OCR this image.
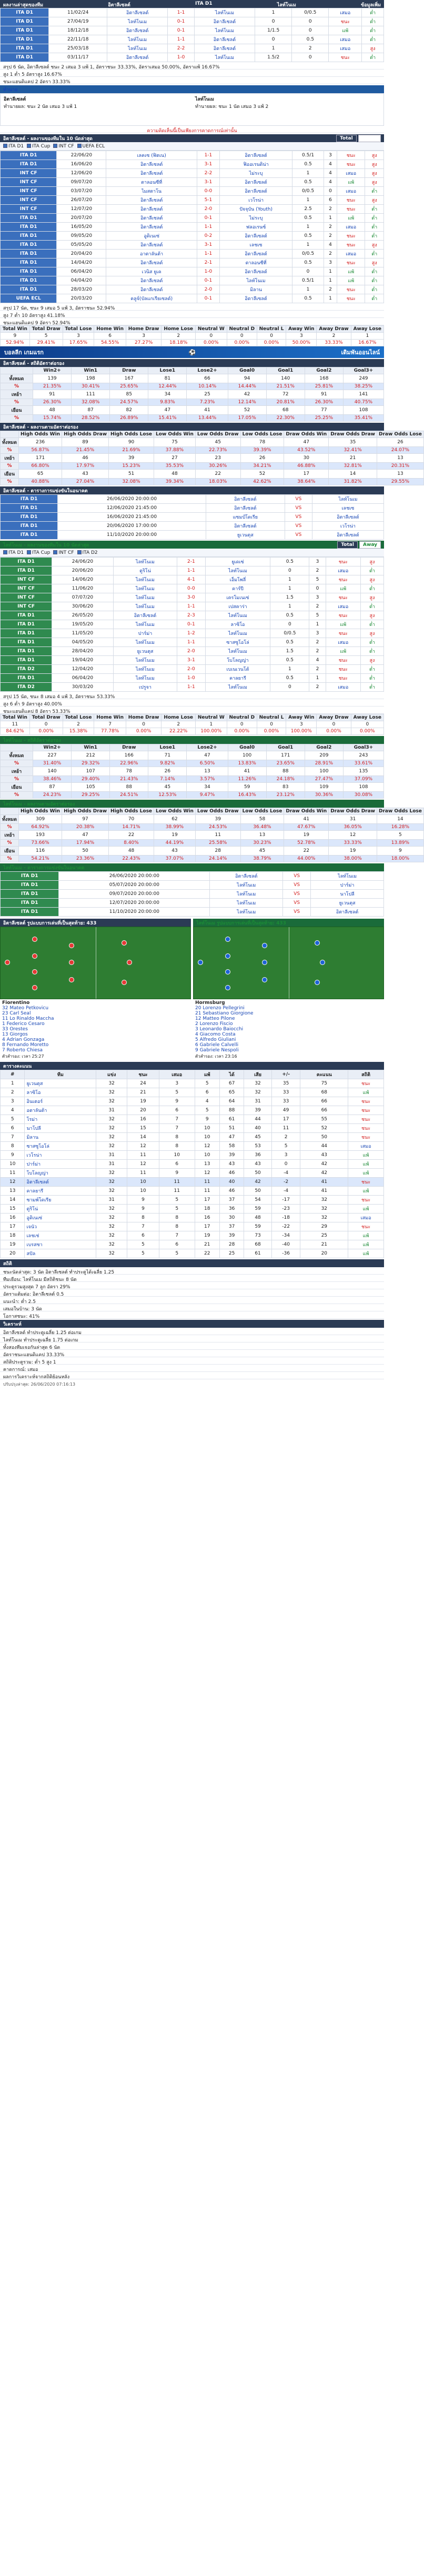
ผลงานล่าสุดของทีม	อิตาลีเซลต์	ITA D1	ไลท์โนเม	ข้อมูลเพิ่ม
ITA D1	11/02/24	อิตาลีเซลต์	1-1	ไลท์โนเม	1	0/0.5	เสมอ	ต่ำ
ITA D1	27/04/19	ไลท์โนเม	0-1	อิตาลีเซลต์	0	0	ชนะ	ต่ำ
ITA D1	18/12/18	อิตาลีเซลต์	0-1	ไลท์โนเม	1/1.5	0	แพ้	ต่ำ
ITA D1	22/11/18	ไลท์โนเม	1-1	อิตาลีเซลต์	0	0.5	เสมอ	ต่ำ
ITA D1	25/03/18	ไลท์โนเม	2-2	อิตาลีเซลต์	1	2	เสมอ	สูง
ITA D1	03/11/17	อิตาลีเซลต์	1-0	ไลท์โนเม	1.5/2	0	ชนะ	ต่ำ
สรุป 6 นัด, อิตาลีเซลต์ ชนะ 2 เสมอ 3 แพ้ 1, อัตราชนะ 33.33%, อัตราเสมอ 50.00%, อัตราแพ้ 16.67%
สูง 1 ต่ำ 5 อัตราสูง 16.67%
ชนะแฮนดิแคป 2 อัตรา 33.33%
ทำนาย
อิตาลีเซลต์
ทำนายผล: ชนะ 2 นัด เสมอ 3 แพ้ 1
ไลท์โนเม
ทำนายผล: ชนะ 1 นัด เสมอ 3 แพ้ 2
ความคิดเห็นนี้เป็นเพียงการคาดการณ์เท่านั้น
อิตาลีเซลต์ - ผลงานของทีมใน 10 นัดล่าสุด	Total Home
ITA D1	ITA Cup	INT CF	UEFA ECL
ITA D1	22/06/20	เลคเซ (ฟิตเน)	1-1	อิตาลีเซลต์	0.5/1	3	ชนะ	สูง
ITA D1	16/06/20	อิตาลีเซลต์	3-1	ฟิออเรนติน่า	0.5	4	ชนะ	สูง
INT CF	12/06/20	อิตาลีเซลต์	2-2	ไม่ระบุ	1	4	เสมอ	สูง
INT CF	09/07/20	ตาลอนซีที่	3-1	อิตาลีเซลต์	0.5	4	แพ้	สูง
INT CF	03/07/20	ไมสตาโน	0-0	อิตาลีเซลต์	0/0.5	0	เสมอ	ต่ำ
INT CF	26/07/20	อิตาลีเซลต์	5-1	เวโรน่า	1	6	ชนะ	สูง
INT CF	12/07/20	อิตาลีเซลต์	2-0	ปัจจุบัน (Youth)	2.5	2	ชนะ	ต่ำ
ITA D1	20/07/20	อิตาลีเซลต์	0-1	ไม่ระบุ	0.5	1	แพ้	ต่ำ
ITA D1	16/05/20	อิตาลีเซลต์	1-1	ฟลอเรนซ์	1	2	เสมอ	ต่ำ
ITA D1	09/05/20	อูดิเนเซ่	0-2	อิตาลีเซลต์	0.5	2	ชนะ	ต่ำ
ITA D1	05/05/20	อิตาลีเซลต์	3-1	เลชเซ	1	4	ชนะ	สูง
ITA D1	20/04/20	อาตาลันต้า	1-1	อิตาลีเซลต์	0/0.5	2	เสมอ	ต่ำ
ITA D1	14/04/20	อิตาลีเซลต์	2-1	ตาลอนซีที่	0.5	3	ชนะ	สูง
ITA D1	06/04/20	เวนิส ยูเค	1-0	อิตาลีเซลต์	0	1	แพ้	ต่ำ
ITA D1	04/04/20	อิตาลีเซลต์	0-1	ไลท์โนเม	0.5/1	1	แพ้	ต่ำ
ITA D1	28/03/20	อิตาลีเซลต์	2-0	มิลาน	1	2	ชนะ	ต่ำ
UEFA ECL	20/03/20	คลูจ์(บัลแกเรียเซลต์)	0-1	อิตาลีเซลต์	0.5	1	ชนะ	ต่ำ
สรุป 17 นัด, ชนะ 9 เสมอ 5 แพ้ 3, อัตราชนะ 52.94%
สูง 7 ต่ำ 10 อัตราสูง 41.18%
ชนะแฮนดิแคป 9 อัตรา 52.94%
Total Win	Total Draw	Total Lose	Home Win	Home Draw	Home Lose	Neutral W	Neutral D	Neutral L	Away Win	Away Draw	Away Lose
9	5	3	6	3	2	0	0	0	3	2	1
52.94%	29.41%	17.65%	54.55%	27.27%	18.18%	0.00%	0.00%	0.00%	50.00%	33.33%	16.67%
บอลลีก เกมแรก	⚽	เดิมพันออนไลน์
อิตาลีเซลต์ - สถิติอัตราต่อรอง
	Win2+	Win1	Draw	Lose1	Lose2+	Goal0	Goal1	Goal2	Goal3+
ทั้งหมด	139	198	167	81	66	94	140	168	249
%	21.35%	30.41%	25.65%	12.44%	10.14%	14.44%	21.51%	25.81%	38.25%
เหย้า	91	111	85	34	25	42	72	91	141
%	26.30%	32.08%	24.57%	9.83%	7.23%	12.14%	20.81%	26.30%	40.75%
เยือน	48	87	82	47	41	52	68	77	108
%	15.74%	28.52%	26.89%	15.41%	13.44%	17.05%	22.30%	25.25%	35.41%
อิตาลีเซลต์ - ผลงานตามอัตราต่อรอง
	High Odds Win	High Odds Draw	High Odds Lose	Low Odds Win	Low Odds Draw	Low Odds Lose	Draw Odds Win	Draw Odds Draw	Draw Odds Lose
ทั้งหมด	236	89	90	75	45	78	47	35	26
%	56.87%	21.45%	21.69%	37.88%	22.73%	39.39%	43.52%	32.41%	24.07%
เหย้า	171	46	39	27	23	26	30	21	13
%	66.80%	17.97%	15.23%	35.53%	30.26%	34.21%	46.88%	32.81%	20.31%
เยือน	65	43	51	48	22	52	17	14	13
%	40.88%	27.04%	32.08%	39.34%	18.03%	42.62%	38.64%	31.82%	29.55%
อิตาลีเซลต์ - ตารางการแข่งขันในอนาคต
ITA D1	26/06/2020 20:00:00	อิตาลีเซลต์	VS	ไลท์โนเม
ITA D1	12/06/2020 21:45:00	อิตาลีเซลต์	VS	เลชเซ
ITA D1	16/06/2020 21:45:00	แซมป์โดเรีย	VS	อิตาลีเซลต์
ITA D1	20/06/2020 17:00:00	อิตาลีเซลต์	VS	เวโรน่า
ITA D1	11/10/2020 20:00:00	ยูเวนตุส	VS	อิตาลีเซลต์
ไลท์โนเม - ผลงานของทีมใน 10 นัดล่าสุด	Total Away
ITA D1	ITA Cup	INT CF	ITA D2
ITA D1	24/06/20	ไลท์โนเม	2-1	ยูเดเซ่	0.5	3	ชนะ	สูง
ITA D1	20/06/20	ตูริโน่	1-1	ไลท์โนเม	0	2	เสมอ	ต่ำ
INT CF	14/06/20	ไลท์โนเม	4-1	เอ็มโพลี่	1	5	ชนะ	สูง
INT CF	11/06/20	ไลท์โนเม	0-0	คาร์ปี	1	0	แพ้	ต่ำ
INT CF	07/07/20	ไลท์โนเม	3-0	เครโมเนเซ่	1.5	3	ชนะ	สูง
INT CF	30/06/20	ไลท์โนเม	1-1	เปสคาร่า	1	2	เสมอ	ต่ำ
ITA D1	26/05/20	อิตาลีเซลต์	2-3	ไลท์โนเม	0.5	5	ชนะ	สูง
ITA D1	19/05/20	ไลท์โนเม	0-1	ลาซิโอ	0	1	แพ้	ต่ำ
ITA D1	11/05/20	ปาร์ม่า	1-2	ไลท์โนเม	0/0.5	3	ชนะ	สูง
ITA D1	04/05/20	ไลท์โนเม	1-1	ซาสซูโอโล่	0.5	2	เสมอ	ต่ำ
ITA D1	28/04/20	ยูเวนตุส	2-0	ไลท์โนเม	1.5	2	แพ้	ต่ำ
ITA D1	19/04/20	ไลท์โนเม	3-1	โบโลญญ่า	0.5	4	ชนะ	สูง
ITA D2	12/04/20	ไลท์โนเม	2-0	เบเนเวนโต้	1	2	ชนะ	ต่ำ
ITA D1	06/04/20	ไลท์โนเม	1-0	คาลยารี	0.5	1	ชนะ	ต่ำ
ITA D2	30/03/20	เปรูจา	1-1	ไลท์โนเม	0	2	เสมอ	ต่ำ
สรุป 15 นัด, ชนะ 8 เสมอ 4 แพ้ 3, อัตราชนะ 53.33%
สูง 6 ต่ำ 9 อัตราสูง 40.00%
ชนะแฮนดิแคป 8 อัตรา 53.33%
Total Win	Total Draw	Total Lose	Home Win	Home Draw	Home Lose	Neutral W	Neutral D	Neutral L	Away Win	Away Draw	Away Lose
11	0	2	7	0	2	1	0	0	3	0	0
84.62%	0.00%	15.38%	77.78%	0.00%	22.22%	100.00%	0.00%	0.00%	100.00%	0.00%	0.00%
ไลท์โนเม - สถิติอัตราต่อรอง
	Win2+	Win1	Draw	Lose1	Lose2+	Goal0	Goal1	Goal2	Goal3+
ทั้งหมด	227	212	166	71	47	100	171	209	243
%	31.40%	29.32%	22.96%	9.82%	6.50%	13.83%	23.65%	28.91%	33.61%
เหย้า	140	107	78	26	13	41	88	100	135
%	38.46%	29.40%	21.43%	7.14%	3.57%	11.26%	24.18%	27.47%	37.09%
เยือน	87	105	88	45	34	59	83	109	108
%	24.23%	29.25%	24.51%	12.53%	9.47%	16.43%	23.12%	30.36%	30.08%
ไลท์โนเม - ผลงานตามอัตราต่อรอง
	High Odds Win	High Odds Draw	High Odds Lose	Low Odds Win	Low Odds Draw	Low Odds Lose	Draw Odds Win	Draw Odds Draw	Draw Odds Lose
ทั้งหมด	309	97	70	62	39	58	41	31	14
%	64.92%	20.38%	14.71%	38.99%	24.53%	36.48%	47.67%	36.05%	16.28%
เหย้า	193	47	22	19	11	13	19	12	5
%	73.66%	17.94%	8.40%	44.19%	25.58%	30.23%	52.78%	33.33%	13.89%
เยือน	116	50	48	43	28	45	22	19	9
%	54.21%	23.36%	22.43%	37.07%	24.14%	38.79%	44.00%	38.00%	18.00%
ไลท์โนเม - ตารางการแข่งขันในอนาคต
ITA D1	26/06/2020 20:00:00	อิตาลีเซลต์	VS	ไลท์โนเม
ITA D1	05/07/2020 20:00:00	ไลท์โนเม	VS	ปาร์ม่า
ITA D1	09/07/2020 20:00:00	ไลท์โนเม	VS	นาโปลี
ITA D1	12/07/2020 20:00:00	ไลท์โนเม	VS	ยูเวนตุส
ITA D1	11/10/2020 20:00:00	ไลท์โนเม	VS	อิตาลีเซลต์
อิตาลีเซลต์ รูปแบบการเล่นที่เป็นสุดท้าย: 433	ไลท์โนเม รูปแบบการเล่นที่เป็นสุดท้าย: 433
Fiorentino
32 Mateo Petkovicu
23 Carl Seal
11 Lo Rinaldo Maccha
1 Federico Cesaro
33 Orestes
13 Giorgos
4 Adrian Gonzaga
8 Fernando Moretto
7 Roberto Chiesa
ตัวสำรอง: เวลา 25:27
Hormsburg
20 Lorenzo Pellegrini
21 Sebastiano Giorgione
12 Matteo Pilone
2 Lorenzo Fiscio
3 Leonardo Baiocchi
4 Giacomo Costa
5 Alfredo Giuliani
6 Gabriele Calvelli
9 Gabriele Nespoli
ตัวสำรอง: เวลา 23:16
ตารางคะแนน
#	ทีม	แข่ง	ชนะ	เสมอ	แพ้	ได้	เสีย	+/-	คะแนน	สถิติ
1	ยูเวนตุส	32	24	3	5	67	32	35	75	ชนะ
2	ลาซิโอ	32	21	5	6	65	32	33	68	แพ้
3	อินเตอร์	32	19	9	4	64	31	33	66	ชนะ
4	อตาลันต้า	31	20	6	5	88	39	49	66	ชนะ
5	โรม่า	32	16	7	9	61	44	17	55	ชนะ
6	นาโปลี	32	15	7	10	51	40	11	52	ชนะ
7	มิลาน	32	14	8	10	47	45	2	50	ชนะ
8	ซาสซูโอโล่	32	12	8	12	58	53	5	44	เสมอ
9	เวโรน่า	31	11	10	10	39	36	3	43	แพ้
10	ปาร์ม่า	31	12	6	13	43	43	0	42	แพ้
11	โบโลญญ่า	32	11	9	12	46	50	-4	42	แพ้
12	อิตาลีเซลต์	32	10	11	11	40	42	-2	41	ชนะ
13	คาลยารี	32	10	11	11	46	50	-4	41	แพ้
14	ซามพ์โดเรีย	31	9	5	17	37	54	-17	32	ชนะ
15	ตูริโน่	32	9	5	18	36	59	-23	32	แพ้
16	อูดิเนเซ่	32	8	8	16	30	48	-18	32	เสมอ
17	เจนัว	32	7	8	17	37	59	-22	29	ชนะ
18	เลชเช่	32	6	7	19	39	73	-34	25	แพ้
19	เบรสชา	32	5	6	21	28	68	-40	21	แพ้
20	สปัล	32	5	5	22	25	61	-36	20	แพ้
สถิติ
ชนะนัดล่าสุด: 3 นัด อิตาลีเซลต์ ทำประตูได้เฉลี่ย 1.25
ทีมเยือน: ไลท์โนเม มีสถิติชนะ 8 นัด
ประตูรวมสูงสุด 7 ลูก อัตรา 29%
อัตราแต้มต่อ: อิตาลีเซลต์ 0.5
แนะนำ: ต่ำ 2.5
เสมอในบ้าน: 3 นัด
โอกาสชนะ: 41%
วิเคราะห์
อิตาลีเซลต์ ทำประตูเฉลี่ย 1.25 ต่อเกม
ไลท์โนเม ทำประตูเฉลี่ย 1.75 ต่อเกม
ทั้งสองทีมเจอกันล่าสุด 6 นัด
อัตราชนะแฮนดิแคป 33.33%
สถิติประตูรวม: ต่ำ 5 สูง 1
คาดการณ์: เสมอ
ผลการวิเคราะห์จากสถิติย้อนหลัง
ปรับปรุงล่าสุด: 26/06/2020 07:16:13
